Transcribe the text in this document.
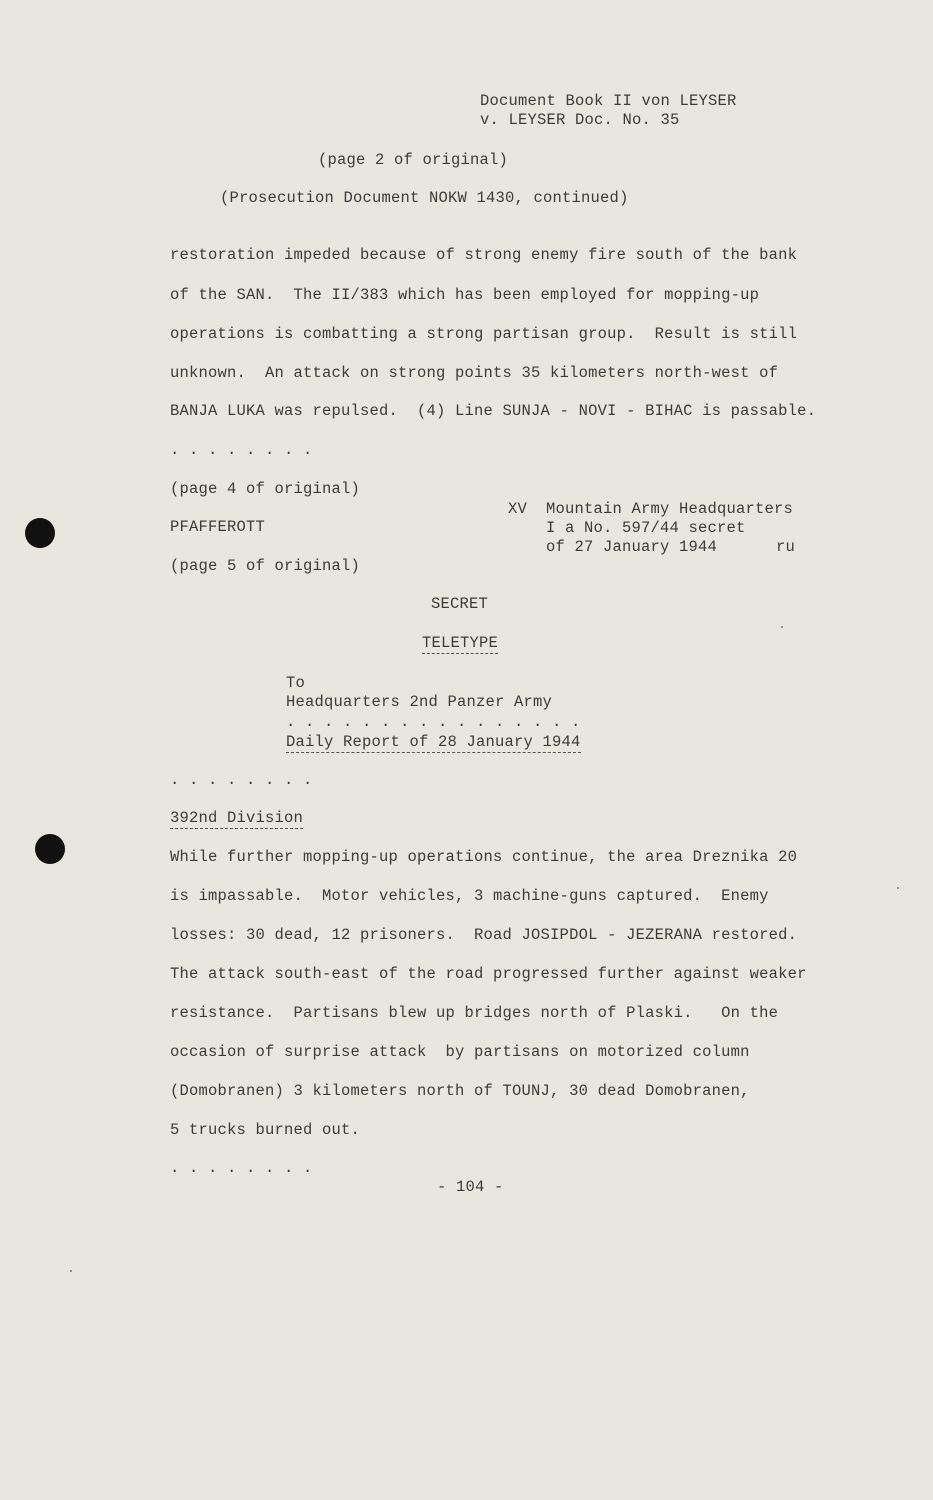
Document Book II von LEYSER
v. LEYSER Doc. No. 35
(page 2 of original)
(Prosecution Document NOKW 1430, continued)
restoration impeded because of strong enemy fire south of the bank
of the SAN.  The II/383 which has been employed for mopping-up
operations is combatting a strong partisan group.  Result is still
unknown.  An attack on strong points 35 kilometers north-west of
BANJA LUKA was repulsed.  (4) Line SUNJA - NOVI - BIHAC is passable.
. . . . . . . .
(page 4 of original)
PFAFFEROTT
(page 5 of original)
XV  Mountain Army Headquarters
I a No. 597/44 secret
of 27 January 1944	ru
SECRET
TELETYPE
To
Headquarters 2nd Panzer Army
. . . . . . . . . . . . . . . .
Daily Report of 28 January 1944
. . . . . . . .
392nd Division
While further mopping-up operations continue, the area Dreznika 20
is impassable.  Motor vehicles, 3 machine-guns captured.  Enemy
losses: 30 dead, 12 prisoners.  Road JOSIPDOL - JEZERANA restored.
The attack south-east of the road progressed further against weaker
resistance.  Partisans blew up bridges north of Plaski.   On the
occasion of surprise attack  by partisans on motorized column
(Domobranen) 3 kilometers north of TOUNJ, 30 dead Domobranen,
5 trucks burned out.
. . . . . . . .
- 104 -
